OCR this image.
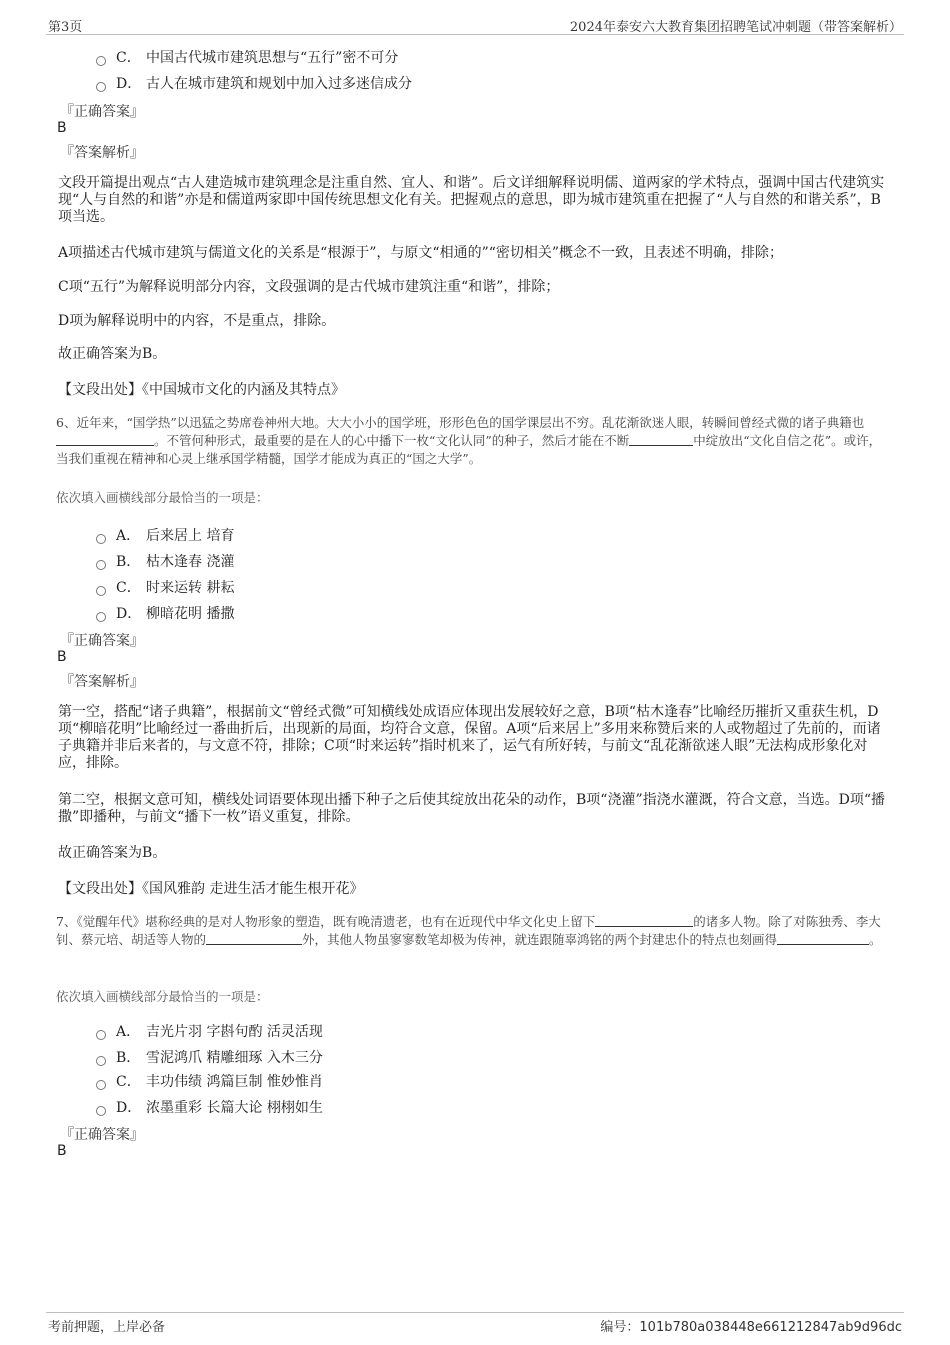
第3页	2024年泰安六大教育集团招聘笔试冲刺题（带答案解析）
C． 中国古代城市建筑思想与“五行”密不可分
D． 古人在城市建筑和规划中加入过多迷信成分
『正确答案』
B
『答案解析』
文段开篇提出观点“古人建造城市建筑理念是注重自然、宜人、和谐”。后文详细解释说明儒、道两家的学术特点，强调中国古代建筑实现“人与自然的和谐”亦是和儒道两家即中国传统思想文化有关。把握观点的意思，即为城市建筑重在把握了“人与自然的和谐关系”，B项当选。
A项描述古代城市建筑与儒道文化的关系是“根源于”，与原文“相通的”“密切相关”概念不一致，且表述不明确，排除；
C项“五行”为解释说明部分内容，文段强调的是古代城市建筑注重“和谐”，排除；
D项为解释说明中的内容，不是重点，排除。
故正确答案为B。
【文段出处】《中国城市文化的内涵及其特点》
6、近年来，“国学热”以迅猛之势席卷神州大地。大大小小的国学班，形形色色的国学课层出不穷。乱花渐欲迷人眼，转瞬间曾经式微的诸子典籍也。不管何种形式，最重要的是在人的心中播下一枚“文化认同”的种子，然后才能在不断	中绽放出“文化自信之花”。或许，当我们重视在精神和心灵上继承国学精髓，国学才能成为真正的“国之大学”。
依次填入画横线部分最恰当的一项是：
A． 后来居上 培育
B． 枯木逢春 浇灌
C． 时来运转 耕耘
D． 柳暗花明 播撒
『正确答案』
B
『答案解析』
第一空，搭配“诸子典籍”，根据前文“曾经式微”可知横线处成语应体现出发展较好之意，B项“枯木逢春”比喻经历摧折又重获生机，D项“柳暗花明”比喻经过一番曲折后，出现新的局面，均符合文意，保留。A项“后来居上”多用来称赞后来的人或物超过了先前的，而诸子典籍并非后来者的，与文意不符，排除；C项“时来运转”指时机来了，运气有所好转，与前文“乱花渐欲迷人眼”无法构成形象化对应，排除。
第二空，根据文意可知，横线处词语要体现出播下种子之后使其绽放出花朵的动作，B项“浇灌”指浇水灌溉，符合文意，当选。D项“播撒”即播种，与前文“播下一枚”语义重复，排除。
故正确答案为B。
【文段出处】《国风雅韵 走进生活才能生根开花》
7、《觉醒年代》堪称经典的是对人物形象的塑造，既有晚清遗老，也有在近现代中华文化史上留下	的诸多人物。除了对陈独秀、李大钊、蔡元培、胡适等人物的	外，其他人物虽寥寥数笔却极为传神，就连跟随辜鸿铭的两个封建忠仆的特点也刻画得	。
依次填入画横线部分最恰当的一项是：
A． 吉光片羽 字斟句酌 活灵活现
B． 雪泥鸿爪 精雕细琢 入木三分
C． 丰功伟绩 鸿篇巨制 惟妙惟肖
D． 浓墨重彩 长篇大论 栩栩如生
『正确答案』
B
考前押题，上岸必备	编号：101b780a038448e661212847ab9d96dc
